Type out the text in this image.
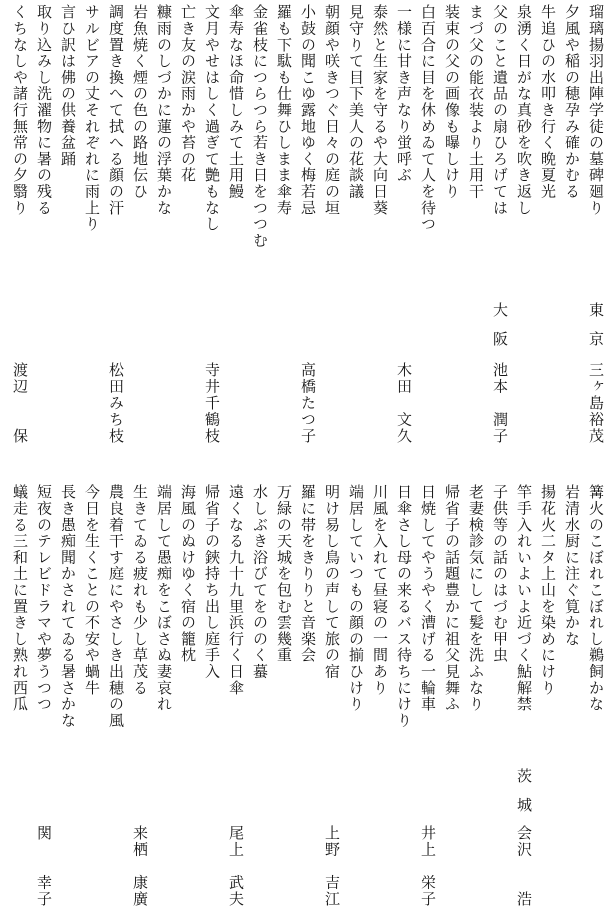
瑠璃揚羽出陣学徒の墓碑廻り
夕風や稲の穂孕み確かむる
牛追ひの水叩き行く晩夏光
泉湧く日がな真砂を吹き返し
東京
三ヶ島裕茂
父のこと遺品の扇ひろげては
まづ父の能衣装より土用干
装束の父の画像も曝しけり
白百合に目を休めゐて人を待つ
大阪
池本　潤子
一様に甘き声なり蛍呼ぶ
泰然と生家を守るや大向日葵
見守りて目下美人の花談議
朝顔や咲きつぐ日々の庭の垣
木田　文久
小鼓の聞こゆ露地ゆく梅若忌
羅も下駄も仕舞ひしまま傘寿
金雀枝につらつら若き日をつつむ
傘寿なほ命惜しみて土用鰻
高橋たつ子
文月やせはしく過ぎて艶もなし
亡き友の涙雨かや苔の花
糠雨のしづかに蓮の浮葉かな
岩魚焼く煙の色の路地伝ひ
寺井千鶴枝
調度置き換へて拭へる顔の汗
サルビアの丈それぞれに雨上り
言ひ訳は佛の供養盆踊
取り込みし洗濯物に暑の残る
松田みち枝
くちなしや諸行無常の夕翳り
渡辺　　保
篝火のこぼれこぼれし鵜飼かな
岩清水厨に注ぐ筧かな
揚花火二タ上山を染めにけり
竿手入れいよいよ近づく鮎解禁
子供等の話のはづむ甲虫
老妻検診気にして髪を洗ふなり
帰省子の話題豊かに祖父見舞ふ
茨城
会沢　　浩
日焼してやうやく漕げる一輪車
日傘さし母の来るバス待ちにけり
川風を入れて昼寝の一間あり
端居していつもの顔の揃ひけり
井上　栄子
明け易し鳥の声して旅の宿
羅に帯をきりりと音楽会
万緑の天城を包む雲幾重
水しぶき浴びてをののく蟇
上野　吉江
遠くなる九十九里浜行く日傘
帰省子の鋏持ち出し庭手入
海風のぬけゆく宿の籠枕
端居して愚痴をこぼさぬ妻哀れ
尾上　武夫
生きてゐる疲れも少し草茂る
農良着干す庭にやさしき出穂の風
今日を生くことの不安や蝸牛
長き愚痴聞かされてゐる暑さかな
来栖　康廣
短夜のテレビドラマや夢うつつ
蟻走る三和土に置きし熟れ西瓜
関　　幸子
